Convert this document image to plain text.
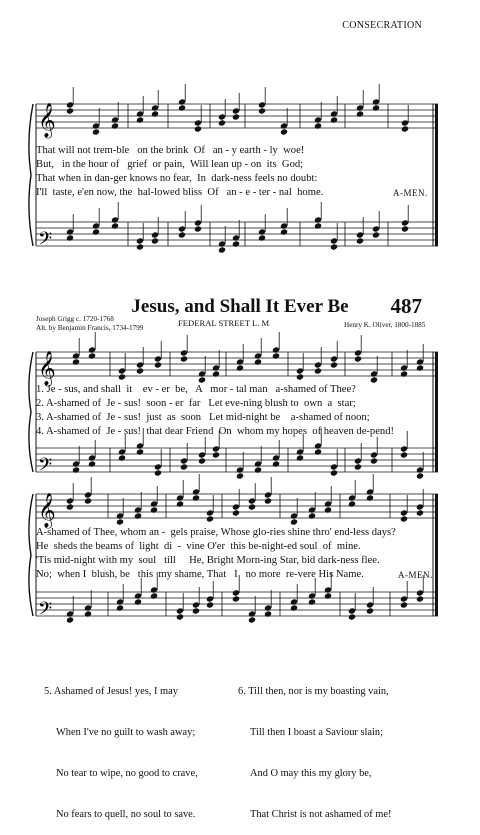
CONSECRATION
𝄞
𝄢
𝄞
𝄢
𝄞
𝄢
That will not trem-ble   on the brink  Of   an - y earth - ly  woe!
But,   in the hour of   grief  or pain,  Will lean up - on  its  God;
That when in dan-ger knows no fear,  In  dark-ness feels no doubt:
I'll  taste, e'en now, the  hal-lowed bliss  Of   an - e - ter - nal  home.	A-MEN.
Jesus, and Shall It Ever Be	487
Joseph Grigg c. 1720-1768
Alt. by Benjamin Francis, 1734-1799	FEDERAL STREET L. M	Henry K. Oliver, 1800-1885
1. Je - sus, and shall  it    ev - er  be,   A   mor - tal man   a-shamed of Thee?
2. A-shamed of  Je - sus!  soon - er  far   Let eve-ning blush to  own  a  star;
3. A-shamed of  Je - sus!  just  as  soon   Let mid-night be    a-shamed of noon;
4. A-shamed of  Je - sus!  that dear Friend  On  whom my hopes  of heaven de-pend!
A-shamed of Thee, whom an -  gels praise, Whose glo-ries shine thro' end-less days?
He  sheds the beams of  light  di  -  vine O'er  this be-night-ed soul  of  mine.
'Tis mid-night with my  soul   till     He, Bright Morn-ing Star, bid dark-ness flee.
No;  when I  blush, be   this  my shame, That   I   no more  re-vere His Name.	A-MEN.

5. Ashamed of Jesus! yes, I may

When I've no guilt to wash away;

No tear to wipe, no good to crave,

No fears to quell, no soul to save.

6. Till then, nor is my boasting vain,

Till then I boast a Saviour slain;

And O may this my glory be,

That Christ is not ashamed of me!
